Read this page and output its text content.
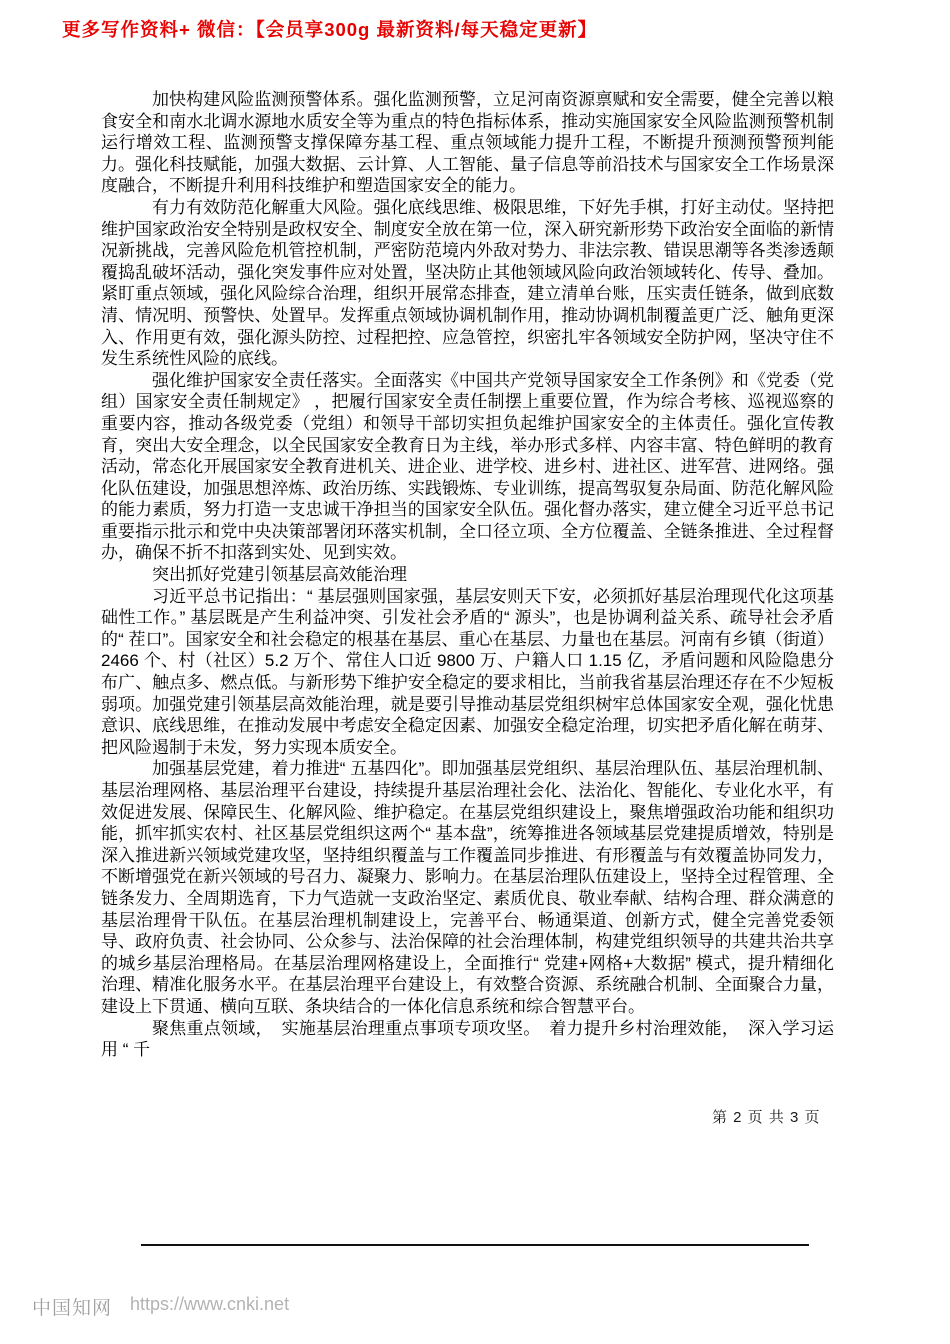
更多写作资料+ 微信：【会员享300g 最新资料/每天稳定更新】

加快构建风险监测预警体系。强化监测预警，立足河南资源禀赋和安全需要，健全完善以粮食安全和南水北调水源地水质安全等为重点的特色指标体系，推动实施国家安全风险监测预警机制运行增效工程、监测预警支撑保障夯基工程、重点领域能力提升工程，不断提升预测预警预判能力。强化科技赋能，加强大数据、云计算、人工智能、量子信息等前沿技术与国家安全工作场景深度融合，不断提升利用科技维护和塑造国家安全的能力。

有力有效防范化解重大风险。强化底线思维、极限思维，下好先手棋，打好主动仗。坚持把维护国家政治安全特别是政权安全、制度安全放在第一位，深入研究新形势下政治安全面临的新情况新挑战，完善风险危机管控机制，严密防范境内外敌对势力、非法宗教、错误思潮等各类渗透颠覆捣乱破坏活动，强化突发事件应对处置，坚决防止其他领域风险向政治领域转化、传导、叠加。紧盯重点领域，强化风险综合治理，组织开展常态排查，建立清单台账，压实责任链条，做到底数清、情况明、预警快、处置早。发挥重点领域协调机制作用，推动协调机制覆盖更广泛、触角更深入、作用更有效，强化源头防控、过程把控、应急管控，织密扎牢各领域安全防护网，坚决守住不发生系统性风险的底线。

强化维护国家安全责任落实。全面落实《中国共产党领导国家安全工作条例》和《党委（党组）国家安全责任制规定》 ，把履行国家安全责任制摆上重要位置，作为综合考核、巡视巡察的重要内容，推动各级党委（党组）和领导干部切实担负起维护国家安全的主体责任。强化宣传教育，突出大安全理念，以全民国家安全教育日为主线，举办形式多样、内容丰富、特色鲜明的教育活动，常态化开展国家安全教育进机关、进企业、进学校、进乡村、进社区、进军营、进网络。强化队伍建设，加强思想淬炼、政治历练、实践锻炼、专业训练，提高驾驭复杂局面、防范化解风险的能力素质，努力打造一支忠诚干净担当的国家安全队伍。强化督办落实，建立健全习近平总书记重要指示批示和党中央决策部署闭环落实机制，全口径立项、全方位覆盖、全链条推进、全过程督办，确保不折不扣落到实处、见到实效。

突出抓好党建引领基层高效能治理

习近平总书记指出：“ 基层强则国家强，基层安则天下安，必须抓好基层治理现代化这项基础性工作。” 基层既是产生利益冲突、引发社会矛盾的“ 源头”，也是协调利益关系、疏导社会矛盾的“ 茬口”。国家安全和社会稳定的根基在基层、重心在基层、力量也在基层。河南有乡镇（街道）2466 个、村（社区）5.2 万个、常住人口近 9800 万、户籍人口 1.15 亿，矛盾问题和风险隐患分布广、触点多、燃点低。与新形势下维护安全稳定的要求相比，当前我省基层治理还存在不少短板弱项。加强党建引领基层高效能治理，就是要引导推动基层党组织树牢总体国家安全观，强化忧患意识、底线思维，在推动发展中考虑安全稳定因素、加强安全稳定治理，切实把矛盾化解在萌芽、把风险遏制于未发，努力实现本质安全。

加强基层党建，着力推进“ 五基四化”。即加强基层党组织、基层治理队伍、基层治理机制、基层治理网格、基层治理平台建设，持续提升基层治理社会化、法治化、智能化、专业化水平，有效促进发展、保障民生、化解风险、维护稳定。在基层党组织建设上，聚焦增强政治功能和组织功能，抓牢抓实农村、社区基层党组织这两个“ 基本盘”，统筹推进各领域基层党建提质增效，特别是深入推进新兴领域党建攻坚，坚持组织覆盖与工作覆盖同步推进、有形覆盖与有效覆盖协同发力，不断增强党在新兴领域的号召力、凝聚力、影响力。在基层治理队伍建设上，坚持全过程管理、全链条发力、全周期选育，下力气造就一支政治坚定、素质优良、敬业奉献、结构合理、群众满意的基层治理骨干队伍。在基层治理机制建设上，完善平台、畅通渠道、创新方式，健全完善党委领导、政府负责、社会协同、公众参与、法治保障的社会治理体制，构建党组织领导的共建共治共享的城乡基层治理格局。在基层治理网格建设上，全面推行“ 党建+网格+大数据” 模式，提升精细化治理、精准化服务水平。在基层治理平台建设上，有效整合资源、系统融合机制、全面聚合力量，建设上下贯通、横向互联、条块结合的一体化信息系统和综合智慧平台。

聚焦重点领域，　实施基层治理重点事项专项攻坚。　着力提升乡村治理效能，　深入学习运用 “ 千

第 2 页 共 3 页
中国知网 https://www.cnki.net
